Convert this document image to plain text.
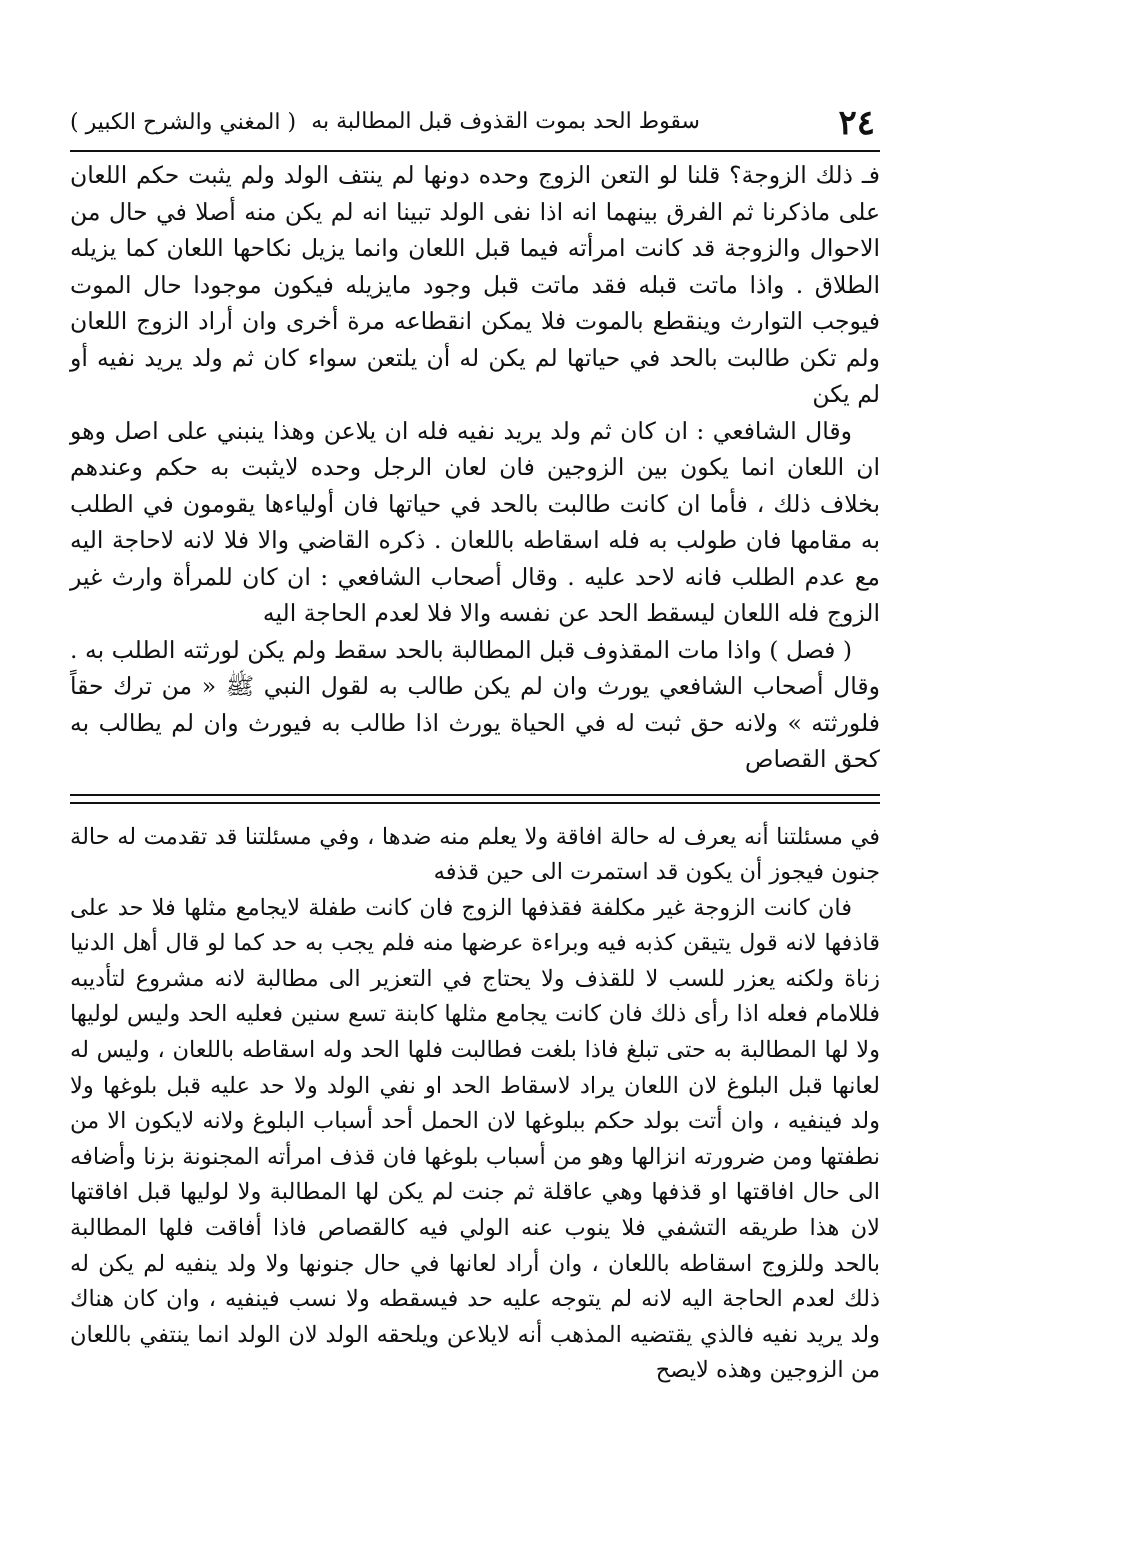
٢٤
سقوط الحد بموت القذوف قبل المطالبة به
( المغني والشرح الكبير )

فـ ذلك الزوجة؟ قلنا لو التعن الزوج وحده دونها لم ينتف الولد ولم يثبت حكم اللعان على ماذكرنا ثم الفرق بينهما انه اذا نفى الولد تبينا انه لم يكن منه أصلا في حال من الاحوال والزوجة قد كانت امرأته فيما قبل اللعان وانما يزيل نكاحها اللعان كما يزيله الطلاق . واذا ماتت قبله فقد ماتت قبل وجود مايزيله فيكون موجودا حال الموت فيوجب التوارث وينقطع بالموت فلا يمكن انقطاعه مرة أخرى وان أراد الزوج اللعان ولم تكن طالبت بالحد في حياتها لم يكن له أن يلتعن سواء كان ثم ولد يريد نفيه أو لم يكن

وقال الشافعي : ان كان ثم ولد يريد نفيه فله ان يلاعن وهذا ينبني على اصل وهو ان اللعان انما يكون بين الزوجين فان لعان الرجل وحده لايثبت به حكم وعندهم بخلاف ذلك ، فأما ان كانت طالبت بالحد في حياتها فان أولياءها يقومون في الطلب به مقامها فان طولب به فله اسقاطه باللعان . ذكره القاضي والا فلا لانه لاحاجة اليه مع عدم الطلب فانه لاحد عليه . وقال أصحاب الشافعي : ان كان للمرأة وارث غير الزوج فله اللعان ليسقط الحد عن نفسه والا فلا لعدم الحاجة اليه

( فصل ) واذا مات المقذوف قبل المطالبة بالحد سقط ولم يكن لورثته الطلب به . وقال أصحاب الشافعي يورث وان لم يكن طالب به لقول النبي ﷺ « من ترك حقاً فلورثته » ولانه حق ثبت له في الحياة يورث اذا طالب به فيورث وان لم يطالب به كحق القصاص

في مسئلتنا أنه يعرف له حالة افاقة ولا يعلم منه ضدها ، وفي مسئلتنا قد تقدمت له حالة جنون فيجوز أن يكون قد استمرت الى حين قذفه

فان كانت الزوجة غير مكلفة فقذفها الزوج فان كانت طفلة لايجامع مثلها فلا حد على قاذفها لانه قول يتيقن كذبه فيه وبراءة عرضها منه فلم يجب به حد كما لو قال أهل الدنيا زناة ولكنه يعزر للسب لا للقذف ولا يحتاج في التعزير الى مطالبة لانه مشروع لتأديبه فللامام فعله اذا رأى ذلك فان كانت يجامع مثلها كابنة تسع سنين فعليه الحد وليس لوليها ولا لها المطالبة به حتى تبلغ فاذا بلغت فطالبت فلها الحد وله اسقاطه باللعان ، وليس له لعانها قبل البلوغ لان اللعان يراد لاسقاط الحد او نفي الولد ولا حد عليه قبل بلوغها ولا ولد فينفيه ، وان أتت بولد حكم ببلوغها لان الحمل أحد أسباب البلوغ ولانه لايكون الا من نطفتها ومن ضرورته انزالها وهو من أسباب بلوغها فان قذف امرأته المجنونة بزنا وأضافه الى حال افاقتها او قذفها وهي عاقلة ثم جنت لم يكن لها المطالبة ولا لوليها قبل افاقتها لان هذا طريقه التشفي فلا ينوب عنه الولي فيه كالقصاص فاذا أفاقت فلها المطالبة بالحد وللزوج اسقاطه باللعان ، وان أراد لعانها في حال جنونها ولا ولد ينفيه لم يكن له ذلك لعدم الحاجة اليه لانه لم يتوجه عليه حد فيسقطه ولا نسب فينفيه ، وان كان هناك ولد يريد نفيه فالذي يقتضيه المذهب أنه لايلاعن ويلحقه الولد لان الولد انما ينتفي باللعان من الزوجين وهذه لايصح
